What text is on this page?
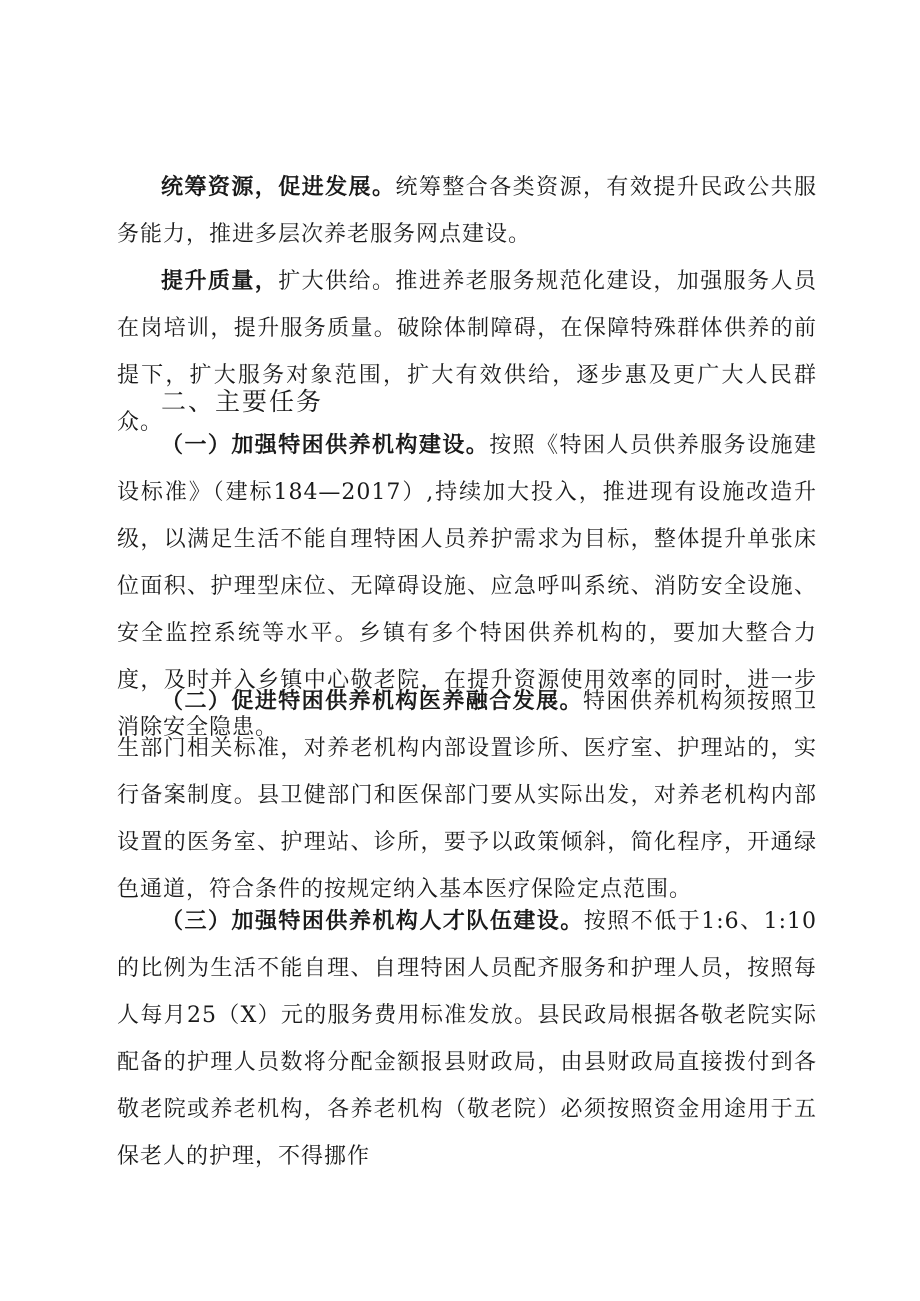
统筹资源，促进发展。统筹整合各类资源，有效提升民政公共服务能力，推进多层次养老服务网点建设。

提升质量，扩大供给。推进养老服务规范化建设，加强服务人员在岗培训，提升服务质量。破除体制障碍，在保障特殊群体供养的前提下，扩大服务对象范围，扩大有效供给，逐步惠及更广大人民群众。

二、主要任务

（一）加强特困供养机构建设。按照《特困人员供养服务设施建设标准》（建标184—2017）,持续加大投入，推进现有设施改造升级，以满足生活不能自理特困人员养护需求为目标，整体提升单张床位面积、护理型床位、无障碍设施、应急呼叫系统、消防安全设施、安全监控系统等水平。乡镇有多个特困供养机构的，要加大整合力度，及时并入乡镇中心敬老院，在提升资源使用效率的同时，进一步消除安全隐患。

（二）促进特困供养机构医养融合发展。特困供养机构须按照卫生部门相关标准，对养老机构内部设置诊所、医疗室、护理站的，实行备案制度。县卫健部门和医保部门要从实际出发，对养老机构内部设置的医务室、护理站、诊所，要予以政策倾斜，简化程序，开通绿色通道，符合条件的按规定纳入基本医疗保险定点范围。

（三）加强特困供养机构人才队伍建设。按照不低于1:6、1:10的比例为生活不能自理、自理特困人员配齐服务和护理人员，按照每人每月25（X）元的服务费用标准发放。县民政局根据各敬老院实际配备的护理人员数将分配金额报县财政局，由县财政局直接拨付到各敬老院或养老机构，各养老机构（敬老院）必须按照资金用途用于五保老人的护理，不得挪作
